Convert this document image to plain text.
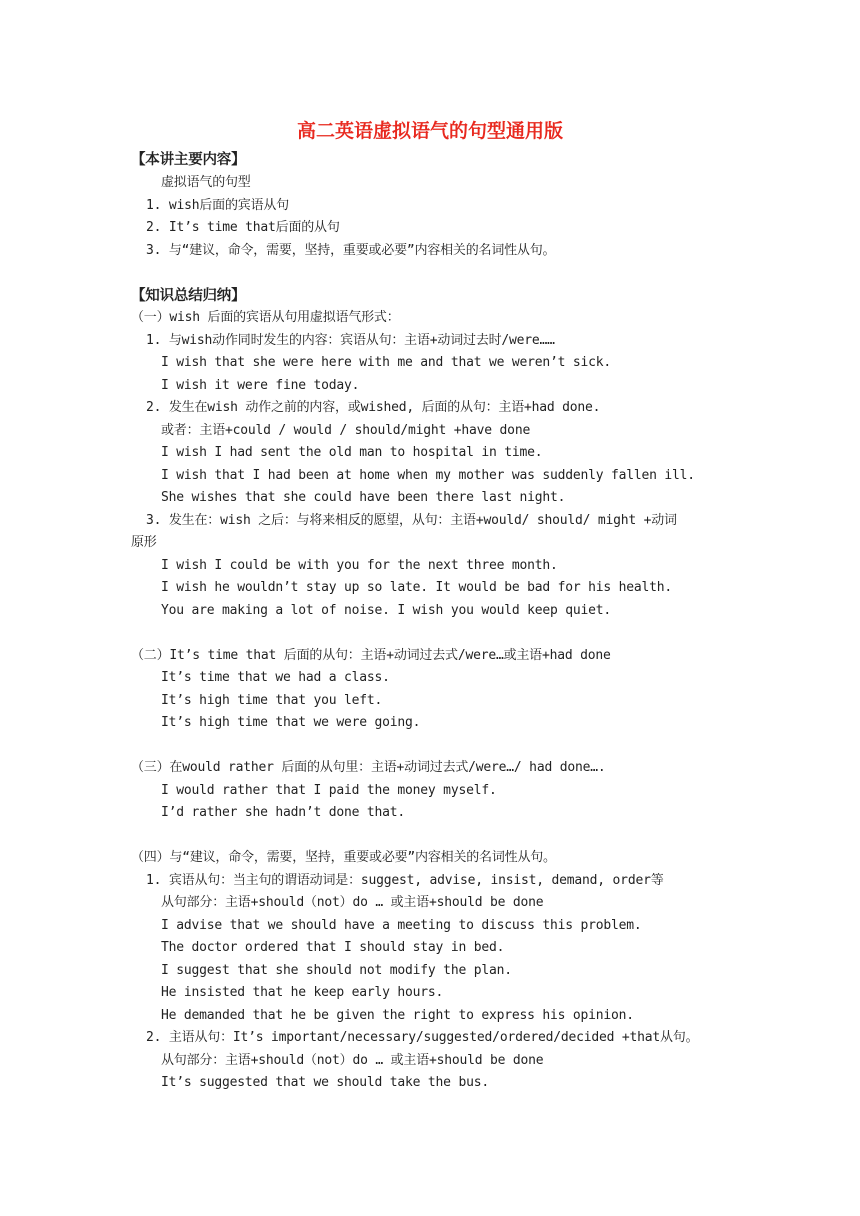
高二英语虚拟语气的句型通用版
【本讲主要内容】
虚拟语气的句型
1. wish后面的宾语从句
2. It’s time that后面的从句
3. 与“建议，命令，需要，坚持，重要或必要”内容相关的名词性从句。
【知识总结归纳】
（一）wish 后面的宾语从句用虚拟语气形式：
1. 与wish动作同时发生的内容：宾语从句：主语+动词过去时/were……
I wish that she were here with me and that we weren’t sick.
I wish it were fine today.
2. 发生在wish 动作之前的内容，或wished, 后面的从句：主语+had done.
或者：主语+could / would / should/might +have done
I wish I had sent the old man to hospital in time.
I wish that I had been at home when my mother was suddenly fallen ill.
She wishes that she could have been there last night.
3. 发生在：wish 之后：与将来相反的愿望，从句：主语+would/ should/ might +动词
原形
I wish I could be with you for the next three month.
I wish he wouldn’t stay up so late. It would be bad for his health.
You are making a lot of noise. I wish you would keep quiet.
（二）It’s time that 后面的从句：主语+动词过去式/were…或主语+had done
It’s time that we had a class.
It’s high time that you left.
It’s high time that we were going.
（三）在would rather 后面的从句里：主语+动词过去式/were…/ had done….
I would rather that I paid the money myself.
I’d rather she hadn’t done that.
（四）与“建议，命令，需要，坚持，重要或必要”内容相关的名词性从句。
1. 宾语从句：当主句的谓语动词是：suggest, advise, insist, demand, order等
从句部分：主语+should（not）do … 或主语+should be done
I advise that we should have a meeting to discuss this problem.
The doctor ordered that I should stay in bed.
I suggest that she should not modify the plan.
He insisted that he keep early hours.
He demanded that he be given the right to express his opinion.
2. 主语从句：It’s important/necessary/suggested/ordered/decided +that从句。
从句部分：主语+should（not）do … 或主语+should be done
It’s suggested that we should take the bus.
